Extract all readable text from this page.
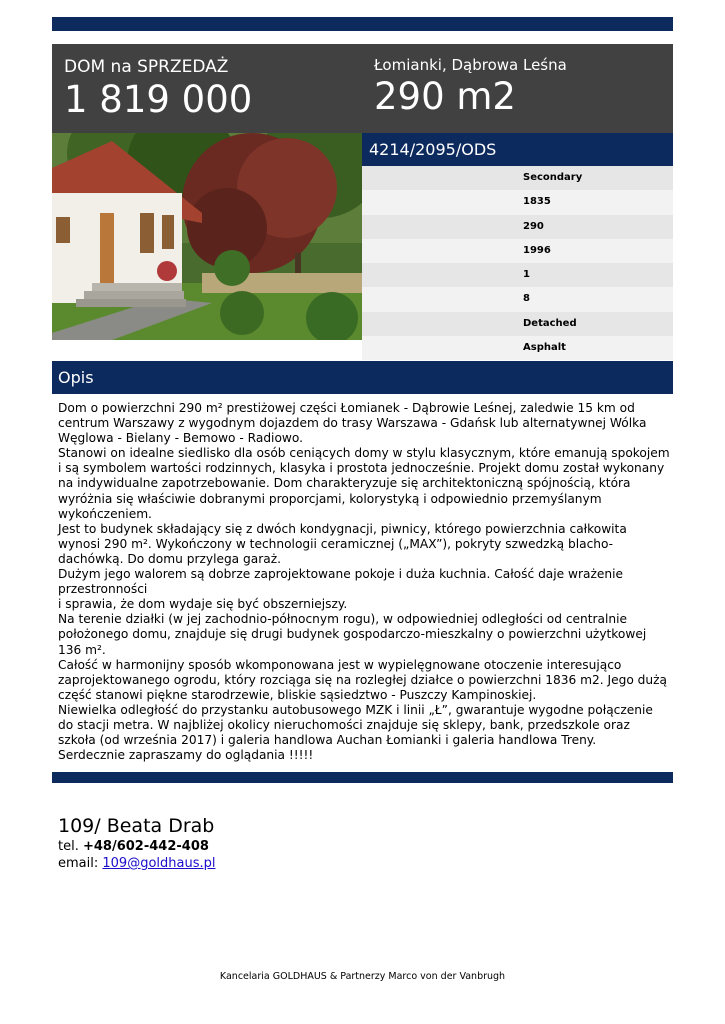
DOM na SPRZEDAŻ
1 819 000
Łomianki, Dąbrowa Leśna
290 m2
4214/2095/ODS
Secondary
1835
290
1996
1
8
Detached
Asphalt
Opis

Dom o powierzchni 290 m² prestiżowej części Łomianek - Dąbrowie Leśnej, zaledwie 15 km od centrum Warszawy z wygodnym dojazdem do trasy Warszawa - Gdańsk lub alternatywnej Wólka Węglowa - Bielany - Bemowo - Radiowo.

Stanowi on idealne siedlisko dla osób ceniących domy w stylu klasycznym, które emanują spokojem i są symbolem wartości rodzinnych, klasyka i prostota jednocześnie. Projekt domu został wykonany na indywidualne zapotrzebowanie. Dom charakteryzuje się architektoniczną spójnością, która wyróżnia się właściwie dobranymi proporcjami, kolorystyką i odpowiednio przemyślanym wykończeniem.

Jest to budynek składający się z dwóch kondygnacji, piwnicy, którego powierzchnia całkowita wynosi 290 m². Wykończony w technologii ceramicznej („MAX”), pokryty szwedzką blacho-dachówką. Do domu przylega garaż.

Dużym jego walorem są dobrze zaprojektowane pokoje i duża kuchnia. Całość daje wrażenie przestronności

i sprawia, że dom wydaje się być obszerniejszy.

Na terenie działki (w jej zachodnio-północnym rogu), w odpowiedniej odległości od centralnie położonego domu, znajduje się drugi budynek gospodarczo-mieszkalny o powierzchni użytkowej 136 m².

Całość w harmonijny sposób wkomponowana jest w wypielęgnowane otoczenie interesująco zaprojektowanego ogrodu, który rozciąga się na rozległej działce o powierzchni 1836 m2. Jego dużą część stanowi piękne starodrzewie, bliskie sąsiedztwo - Puszczy Kampinoskiej.

Niewielka odległość do przystanku autobusowego MZK i linii „Ł”, gwarantuje wygodne połączenie do stacji metra. W najbliżej okolicy nieruchomości znajduje się sklepy, bank, przedszkole oraz szkoła (od września 2017) i galeria handlowa Auchan Łomianki i galeria handlowa Treny.

Serdecznie zapraszamy do oglądania !!!!!

109/ Beata Drab
tel. +48/602-442-408
email: 109@goldhaus.pl
Kancelaria GOLDHAUS & Partnerzy Marco von der Vanbrugh
